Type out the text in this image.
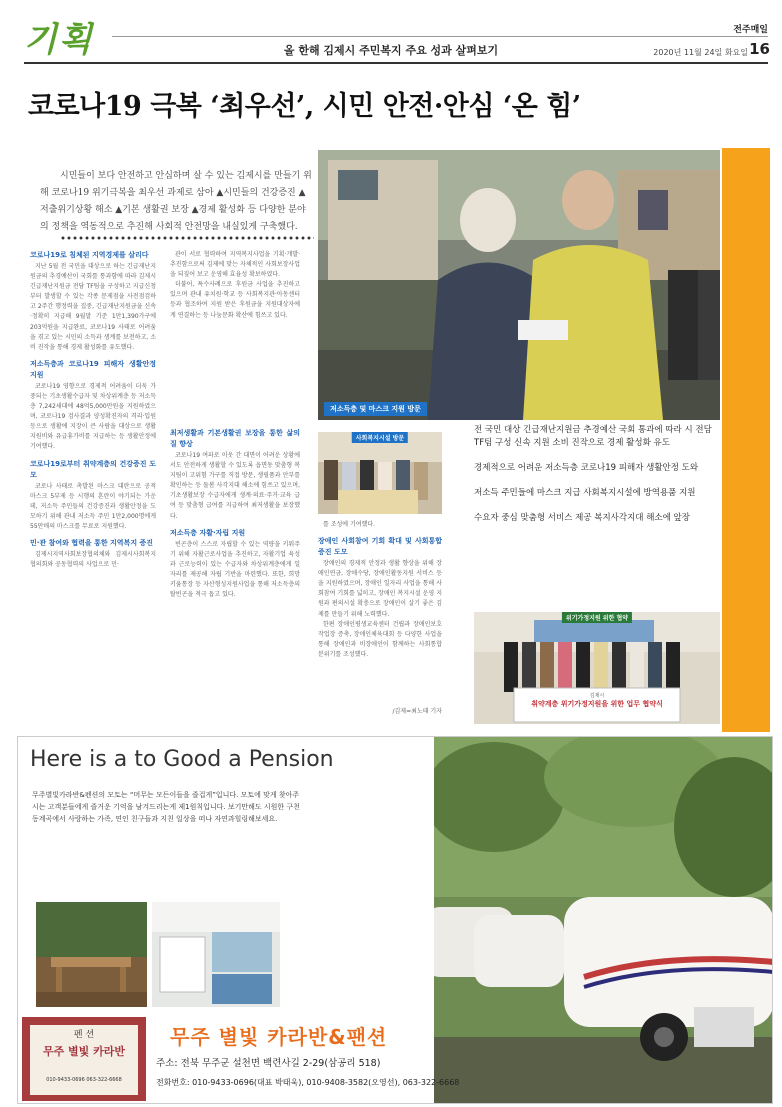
기획	전주매일
올 한해 김제시 주민복지 주요 성과 살펴보기	2020년 11월 24일 화요일 16
코로나19 극복 ‘최우선’, 시민 안전·안심 ‘온 힘’

시민들이 보다 안전하고 안심하며 살 수 있는 김제시를 만들기 위해 코로나19 위기극복을 최우선 과제로 삼아 ▲시민들의 건강증진 ▲저출위기상황 해소 ▲기본 생활권 보장 ▲경제 활성화 등 다양한 분야의 정책을 역동적으로 추진해 사회적 안전망을 내실있게 구축했다.

코로나19로 침체된 지역경제를 살리다

지난 5월 전 국민을 대상으로 하는 긴급재난지원금의 추경예산이 국회를 통과함에 따라 김제시 긴급재난지원금 전담 TF팀을 구성하고 지급신청부터 발생할 수 있는 각종 문제점을 사전점검하고 2주간 행정력을 집중, 긴급재난지원금을 신속·정확히 지급해 9월말 기준 1만1,390가구에 203억원을 지급완료, 코로나19 사태로 어려움을 겪고 있는 시민의 소득과 생계를 보전하고, 소비 진작을 통해 경제 활성화를 유도했다.

저소득층과 코로나19 피해자 생활안정 지원

코로나19 영향으로 경제적 어려움이 더욱 가중되는 기초생활수급자 및 차상위계층 등 저소득층 7,242세대에 48억5,000만원을 지원하였으며, 코로나19 검사결과 양성확진자의 격리·입원 등으로 생활에 지장이 큰 사람을 대상으로 생활지원비와 유급휴가비를 지급하는 등 생활안정에 기여했다.

코로나19로부터 취약계층의 건강증진 도모

코로나 사태로 촉발된 마스크 대란으로 공적 마스크 5부제 등 시행의 혼란이 야기되는 가운데, 저소득 주민들의 건강증진과 생활안정을 도모하기 위해 관내 저소득 주민 1만2,000명에게 55만매의 마스크를 무료로 지원했다.

민·관 참여와 협력을 통한 지역복지 증진

김제시지역사회보장협의체와 김제시사회복지협의회와 공동협력의 사업으로 민·

관이 서로 협력하여 지역복지사업을 기획·개발·추진함으로써 김제에 맞는 자체적인 사회보장사업을 되짚어 보고 운영해 효율성 확보하였다.

더불어, 특수사례으로 후원금 사업을 추진하고 있으며 관내 유치원·학교 등 사회복지관·아동센터 등과 협조하여 지원 받은 후원금을 지원대상자에게 연결하는 등 나눔문화 확산에 힘쓰고 있다.

최저생활과 기본생활권 보장을 통한 삶의 질 향상

코로나19 여파로 이웃 간 대면이 어려운 상황에서도 안전하게 생활할 수 있도록 읍면동 맞춤형 복지팀이 고위험 가구를 직접 방문, 생필품과 안부를 확인하는 등 돌봄 사각지대 해소에 힘쓰고 있으며, 기초생활보장 수급자에게 생계·의료·주거·교육 급여 등 맞춤형 급여를 지급하여 최저생활을 보장했다.

저소득층 자활·자립 지원

빈곤층이 스스로 자립할 수 있는 역량을 키워주기 위해 자활근로사업을 추진하고, 자활기업 육성과 근로능력이 있는 수급자와 차상위계층에게 일자리를 제공해 자립 기반을 마련했다. 또한, 희망키움통장 등 자산형성지원사업을 통해 저소득층의 탈빈곤을 적극 돕고 있다.

를 조성에 기여했다.

장애인 사회참여 기회 확대 및 사회통합 증진 도모

장애인의 경제적 안정과 생활 향상을 위해 장애인연금, 장애수당, 장애인활동지원 서비스 등을 지원하였으며, 장애인 일자리 사업을 통해 사회참여 기회를 넓히고, 장애인 복지시설 운영 지원과 편의시설 확충으로 장애인이 살기 좋은 김제를 만들기 위해 노력했다.

한편 장애인평생교육센터 건립과 장애인보호작업장 증축, 장애인체육대회 등 다양한 사업을 통해 장애인과 비장애인이 함께하는 사회통합 분위기를 조성했다.

/김제=최노태 기자
저소득층 및 마스크 지원 방문
사회복지시설 방문
전 국민 대상 긴급재난지원금 추경예산 국회 통과에 따라 시 전담 TF팀 구성 신속 지원 소비 진작으로 경제 활성화 유도
경제적으로 어려운 저소득층 코로나19 피해자 생활안정 도와
저소득 주민들에 마스크 지급 사회복지시설에 방역용품 지원
수요자 중심 맞춤형 서비스 제공 복지사각지대 해소에 앞장
위기가정지원 위한 협약
김제시
취약계층 위기가정지원을 위한 업무 협약식
Here is a to Good a Pension

무주별빛카라반&펜션의 모토는 “머무는 모든이들을 즐겁게”입니다. 모토에 맞게 찾아주시는 고객분들에게 즐거운 기억을 남겨드리는게 제1원칙입니다. 보기만해도 시원한 구천동계곡에서 사랑하는 가족, 연인 친구들과 지친 일상을 떠나 자연과힐링해보세요.

펜 션
무주 별빛 카라반
010-9433-0696 063-322-6668
무주 별빛 카라반&팬션
주소: 전북 무주군 설천면 백련사길 2-29(삼공리 518)
전화번호: 010-9433-0696(대표 박태욱), 010-9408-3582(오영선), 063-322-6668
